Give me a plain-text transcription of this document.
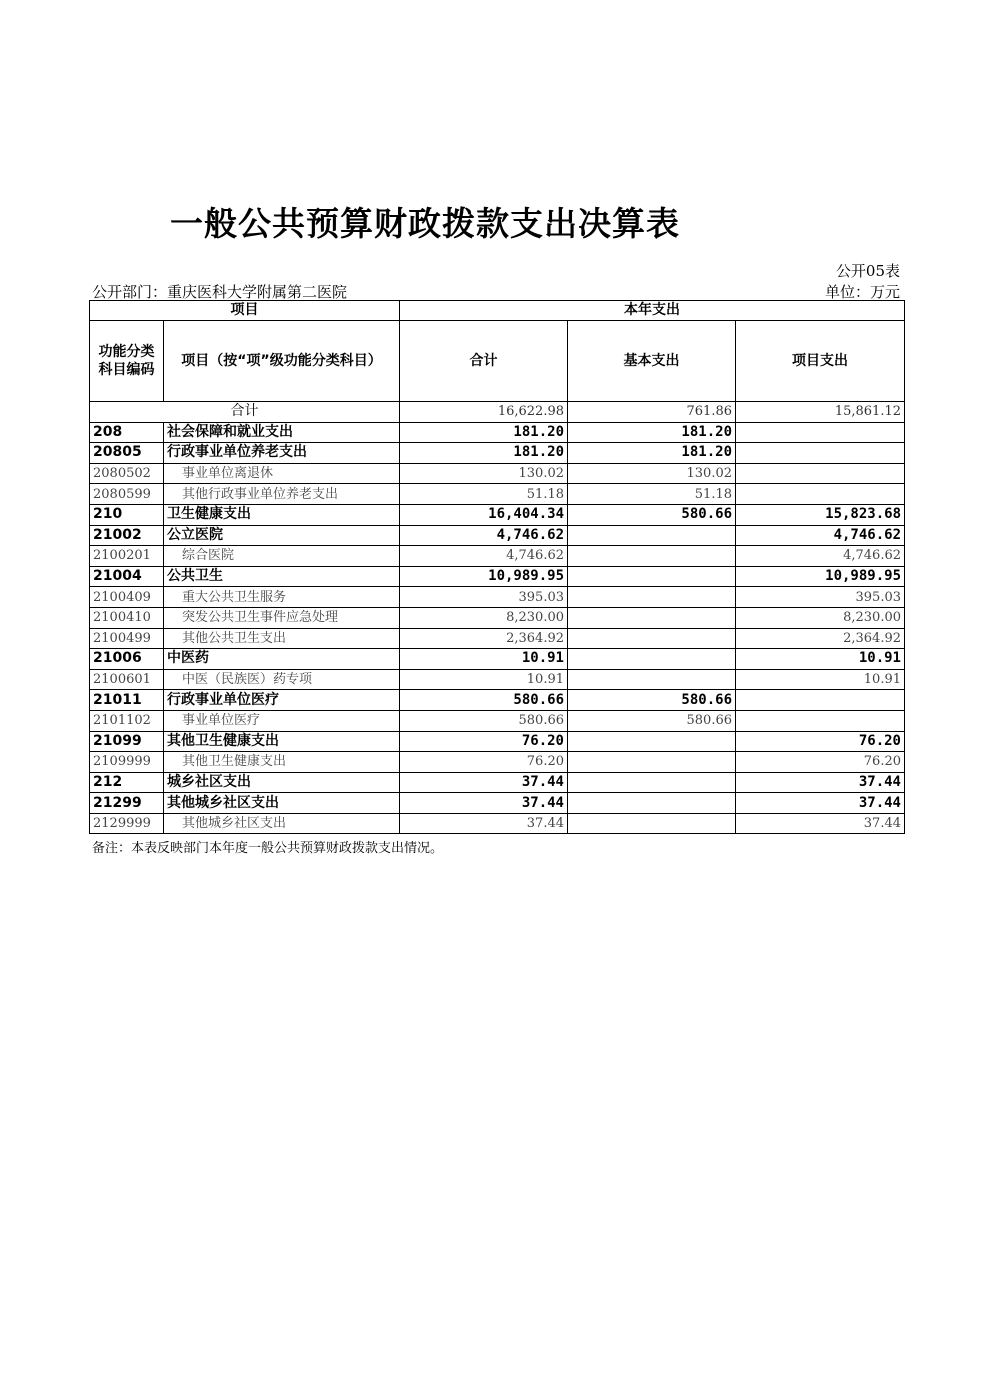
一般公共预算财政拨款支出决算表
公开05表
公开部门：重庆医科大学附属第二医院	单位：万元
项目		本年支出		
功能分类科目编码	项目（按“项”级功能分类科目）	合计	基本支出	项目支出
合计		16,622.98	761.86	15,861.12
208	社会保障和就业支出	181.20	181.20	
20805	行政事业单位养老支出	181.20	181.20	
2080502	事业单位离退休	130.02	130.02	
2080599	其他行政事业单位养老支出	51.18	51.18	
210	卫生健康支出	16,404.34	580.66	15,823.68
21002	公立医院	4,746.62		4,746.62
2100201	综合医院	4,746.62		4,746.62
21004	公共卫生	10,989.95		10,989.95
2100409	重大公共卫生服务	395.03		395.03
2100410	突发公共卫生事件应急处理	8,230.00		8,230.00
2100499	其他公共卫生支出	2,364.92		2,364.92
21006	中医药	10.91		10.91
2100601	中医（民族医）药专项	10.91		10.91
21011	行政事业单位医疗	580.66	580.66	
2101102	事业单位医疗	580.66	580.66	
21099	其他卫生健康支出	76.20		76.20
2109999	其他卫生健康支出	76.20		76.20
212	城乡社区支出	37.44		37.44
21299	其他城乡社区支出	37.44		37.44
2129999	其他城乡社区支出	37.44		37.44
备注：本表反映部门本年度一般公共预算财政拨款支出情况。
